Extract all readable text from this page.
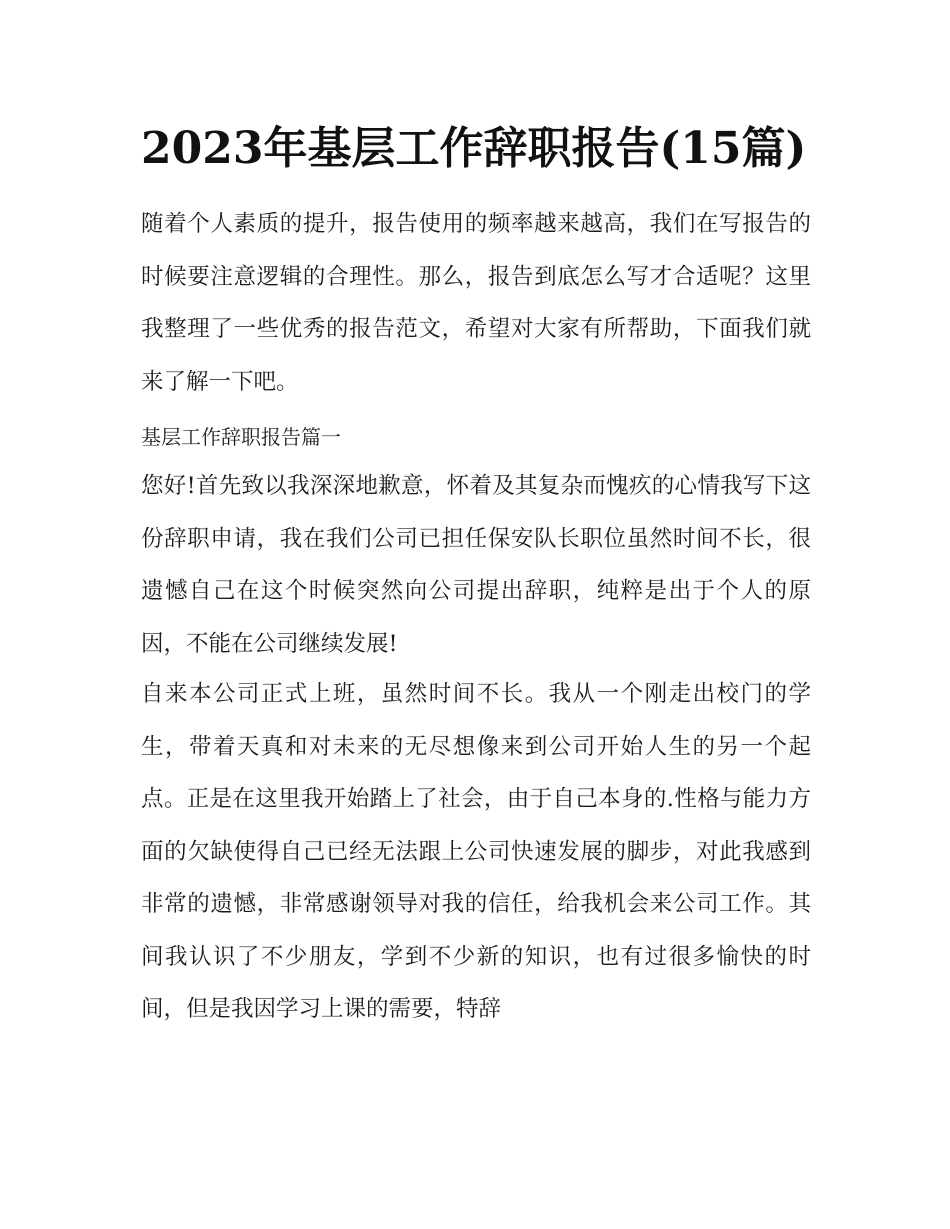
2023年基层工作辞职报告(15篇)

随着个人素质的提升，报告使用的频率越来越高，我们在写报告的时候要注意逻辑的合理性。那么，报告到底怎么写才合适呢？这里我整理了一些优秀的报告范文，希望对大家有所帮助，下面我们就来了解一下吧。

基层工作辞职报告篇一

您好!首先致以我深深地歉意，怀着及其复杂而愧疚的心情我写下这份辞职申请，我在我们公司已担任保安队长职位虽然时间不长，很遗憾自己在这个时候突然向公司提出辞职，纯粹是出于个人的原因，不能在公司继续发展!

自来本公司正式上班，虽然时间不长。我从一个刚走出校门的学生，带着天真和对未来的无尽想像来到公司开始人生的另一个起点。正是在这里我开始踏上了社会，由于自己本身的.性格与能力方面的欠缺使得自己已经无法跟上公司快速发展的脚步，对此我感到非常的遗憾，非常感谢领导对我的信任，给我机会来公司工作。其间我认识了不少朋友，学到不少新的知识，也有过很多愉快的时间，但是我因学习上课的需要，特辞
